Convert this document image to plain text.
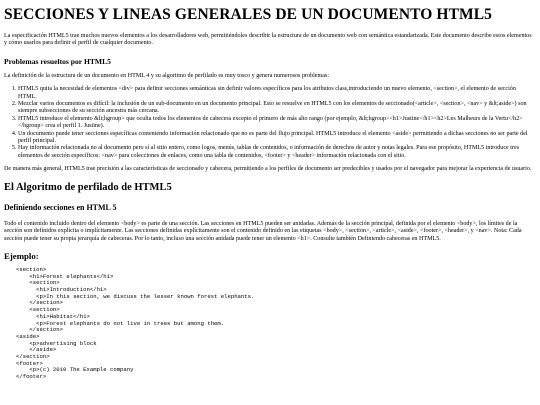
SECCIONES Y LINEAS GENERALES DE UN DOCUMENTO HTML5

La especificación HTML5 trae muchos nuevos elementos a los desarrolladores web, permitiéndoles describir la estructura de un documento web con semántica estandarizada. Este documento describe estos elementos y cómo usarlos para definir el perfil de cualquier documento.

Problemas resueltos por HTML5

La definición de la estructura de un documento en HTML 4 y su algoritmo de perfilado es muy tosco y genera numerosos problemas:

1. HTML5 quita la necesidad de elementos <div> para definir secciones semánticas sin definir valores específicos para los atributos class,introduciendo un nuevo elemento, <section>, el elemento de sección HTML.
2. Mezclar varios documentos es difícil: la inclusión de un sub-documento en un documento principal. Esto se resuelve en HTML5 con los elementos de seccionado(<article>, <section>, <nav> y &lt;aside>) son siempre subsecciones de su sección ancestra más cercana.
3. HTML5 introduce el elemento &lt;hgroup> que oculta todos los elementos de cabecera excepto el primero de más alto rango (por ejemplo, &lt;hgroup><h1>Justine</h1><h2>Les Malheurs de la Vertu</h2></hgroup> crea el perfil 1. Justine).
4. Un documento puede tener secciones específicas conteniendo información relacionado que no es parte del flujo principal. HTML5 introduce el elemento <aside> permitiendo a dichas secciones no ser parte del perfil principal.
5. Hay información relacionada no al documento pero sí al sitio entero, como logos, menús, tablas de contenidos, o información de derechos de autor y notas legales. Para ese propósito, HTML5 introduce tres elementos de sección específicos: <nav> para colecciones de enlaces, como una tabla de contenidos, <footer> y <header> información relacionada con el sitio.

De manera más general, HTML5 trae precisión a las características de seccionado y cabecera, permitiendo a los perfiles de documento ser predecibles y usados por el navegador para mejorar la experiencia de usuario.

El Algoritmo de perfilado de HTML5
Definiendo secciones en HTML 5

Todo el contenido incluido dentro del elemento <body> es parte de una sección. Las secciones en HTML5 pueden ser anidadas. Además de la sección principal, definida por el elemento <body>, los límites de la sección son definidos explícita o implícitamente. Las secciones definidas explícitamente son el contenido definido en las etiquetas <body>, <section>, <article>, <aside>, <footer>, <header>, y <nav>. Nota: Cada sección puede tener su propia jerarquía de cabeceras. Por lo tanto, incluso una sección anidada puede tener un elemento <h1>. Consulte también Definiendo cabeceras en HTML5.

Ejemplo:
<section>
<h1>Forest elephants</h1>
<section>
<h1>Introduction</h1>
<p>In this section, we discuss the lesser known forest elephants.
</section>
<section>
<h1>Habitat</h1>
<p>Forest elephants do not live in trees but among them.
</section>
<aside>
<p>advertising block
</aside>
</section>
<footer>
<p>(c) 2010 The Example company
</footer>
